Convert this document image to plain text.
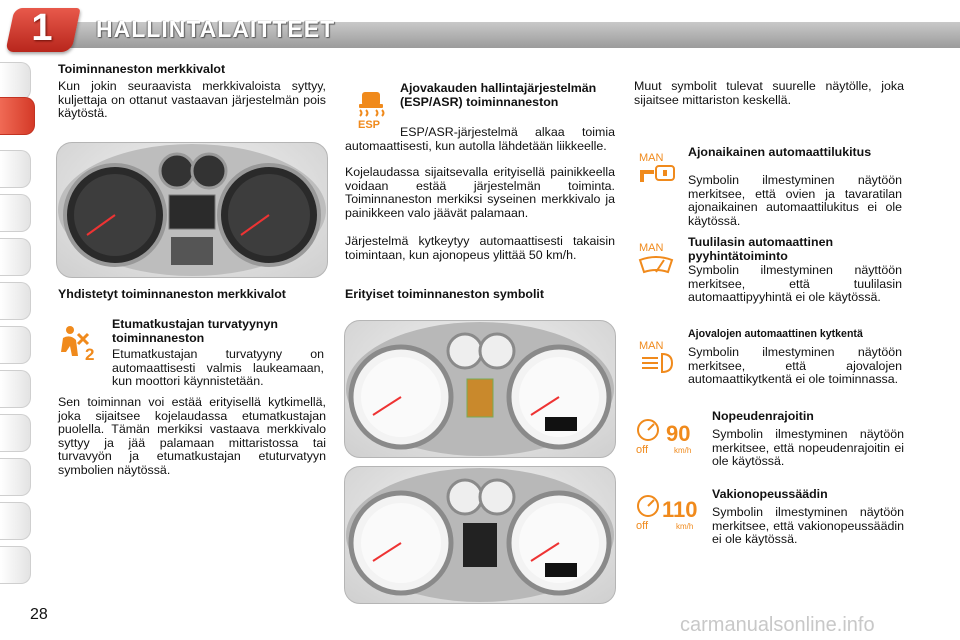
1	HALLINTALAITTEET
Toiminnaneston merkkivalot
Kun jokin seuraavista merkkivaloista syttyy, kuljettaja on ottanut vastaavan järjestelmän pois käytöstä.
Yhdistetyt toiminnaneston merkkivalot
2
Etumatkustajan turvatyynyn toiminnaneston
Etumatkustajan turvatyyny on automaattisesti valmis laukeamaan, kun moottori käynnistetään.
Sen toiminnan voi estää erityisellä kytkimellä, joka sijaitsee kojelaudassa etumatkustajan puolella. Tämän merkiksi vastaava merkkivalo syttyy ja jää palamaan mittaristossa tai turvavyön ja etumatkustajan etuturvatyyn symbolien näytössä.
ESP
Ajovakauden hallintajärjestelmän (ESP/ASR) toiminnaneston
ESP/ASR-järjestelmä alkaa toimia automaattisesti, kun autolla lähdetään liikkeelle.
Kojelaudassa sijaitsevalla erityisellä painikkeella voidaan estää järjestelmän toiminta. Toiminnaneston merkiksi syseinen merkkivalo ja painikkeen valo jäävät palamaan.
Järjestelmä kytkeytyy automaattisesti takaisin toimintaan, kun ajonopeus ylittää 50 km/h.
Erityiset toiminnaneston symbolit
Muut symbolit tulevat suurelle näytölle, joka sijaitsee mittariston keskellä.
MAN Ajonaikainen automaattilukitus
Symbolin ilmestyminen näytöön merkitsee, että ovien ja tavaratilan ajonaikainen automaattilukitus ei ole käytössä.
MAN Tuulilasin automaattinen pyyhintätoiminto
Symbolin ilmestyminen näyttöön merkitsee, että tuulilasin automaattipyyhintä ei ole käytössä.
MAN
Ajovalojen automaattinen kytkentä
Symbolin ilmestyminen näytöön merkitsee, että ajovalojen automaattikytkentä ei ole toiminnassa.
off
90
km/h
Nopeudenrajoitin
Symbolin ilmestyminen näytöön merkitsee, että nopeudenrajoitin ei ole käytössä.
off
110
km/h
Vakionopeussäädin
Symbolin ilmestyminen näytöön merkitsee, että vakionopeussäädin ei ole käytössä.
28	carmanualsonline.info
